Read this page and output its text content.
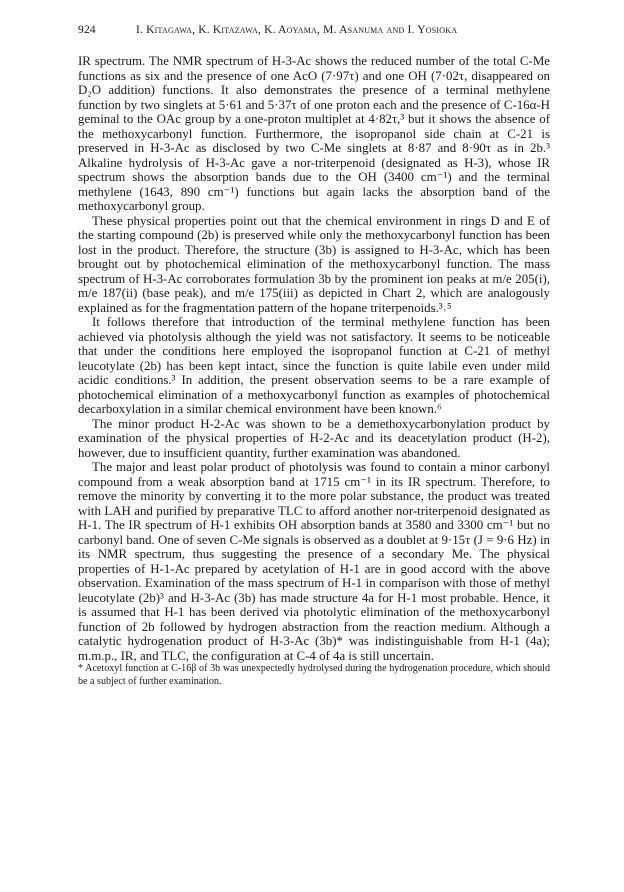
924	I. Kitagawa, K. Kitazawa, K. Aoyama, M. Asanuma and I. Yosioka

IR spectrum. The NMR spectrum of H-3-Ac shows the reduced number of the total C-Me functions as six and the presence of one AcO (7·97τ) and one OH (7·02τ, disappeared on D₂O addition) functions. It also demonstrates the presence of a terminal methylene function by two singlets at 5·61 and 5·37τ of one proton each and the presence of C-16α-H geminal to the OAc group by a one-proton multiplet at 4·82τ,³ but it shows the absence of the methoxycarbonyl function. Furthermore, the isopropanol side chain at C-21 is preserved in H-3-Ac as disclosed by two C-Me singlets at 8·87 and 8·90τ as in 2b.³ Alkaline hydrolysis of H-3-Ac gave a nor-triterpenoid (designated as H-3), whose IR spectrum shows the absorption bands due to the OH (3400 cm⁻¹) and the terminal methylene (1643, 890 cm⁻¹) functions but again lacks the absorption band of the methoxycarbonyl group.

These physical properties point out that the chemical environment in rings D and E of the starting compound (2b) is preserved while only the methoxycarbonyl function has been lost in the product. Therefore, the structure (3b) is assigned to H-3-Ac, which has been brought out by photochemical elimination of the methoxycarbonyl function. The mass spectrum of H-3-Ac corroborates formulation 3b by the prominent ion peaks at m/e 205(i), m/e 187(ii) (base peak), and m/e 175(iii) as depicted in Chart 2, which are analogously explained as for the fragmentation pattern of the hopane triterpenoids.³˒⁵

It follows therefore that introduction of the terminal methylene function has been achieved via photolysis although the yield was not satisfactory. It seems to be noticeable that under the conditions here employed the isopropanol function at C-21 of methyl leucotylate (2b) has been kept intact, since the function is quite labile even under mild acidic conditions.³ In addition, the present observation seems to be a rare example of photochemical elimination of a methoxycarbonyl function as examples of photochemical decarboxylation in a similar chemical environment have been known.⁶

The minor product H-2-Ac was shown to be a demethoxycarbonylation product by examination of the physical properties of H-2-Ac and its deacetylation product (H-2), however, due to insufficient quantity, further examination was abandoned.

The major and least polar product of photolysis was found to contain a minor carbonyl compound from a weak absorption band at 1715 cm⁻¹ in its IR spectrum. Therefore, to remove the minority by converting it to the more polar substance, the product was treated with LAH and purified by preparative TLC to afford another nor-triterpenoid designated as H-1. The IR spectrum of H-1 exhibits OH absorption bands at 3580 and 3300 cm⁻¹ but no carbonyl band. One of seven C-Me signals is observed as a doublet at 9·15τ (J = 9·6 Hz) in its NMR spectrum, thus suggesting the presence of a secondary Me. The physical properties of H-1-Ac prepared by acetylation of H-1 are in good accord with the above observation. Examination of the mass spectrum of H-1 in comparison with those of methyl leucotylate (2b)³ and H-3-Ac (3b) has made structure 4a for H-1 most probable. Hence, it is assumed that H-1 has been derived via photolytic elimination of the methoxycarbonyl function of 2b followed by hydrogen abstraction from the reaction medium. Although a catalytic hydrogenation product of H-3-Ac (3b)* was indistinguishable from H-1 (4a); m.m.p., IR, and TLC, the configuration at C-4 of 4a is still uncertain.

* Acetoxyl function at C-16β of 3b was unexpectedly hydrolysed during the hydrogenation procedure, which should be a subject of further examination.
